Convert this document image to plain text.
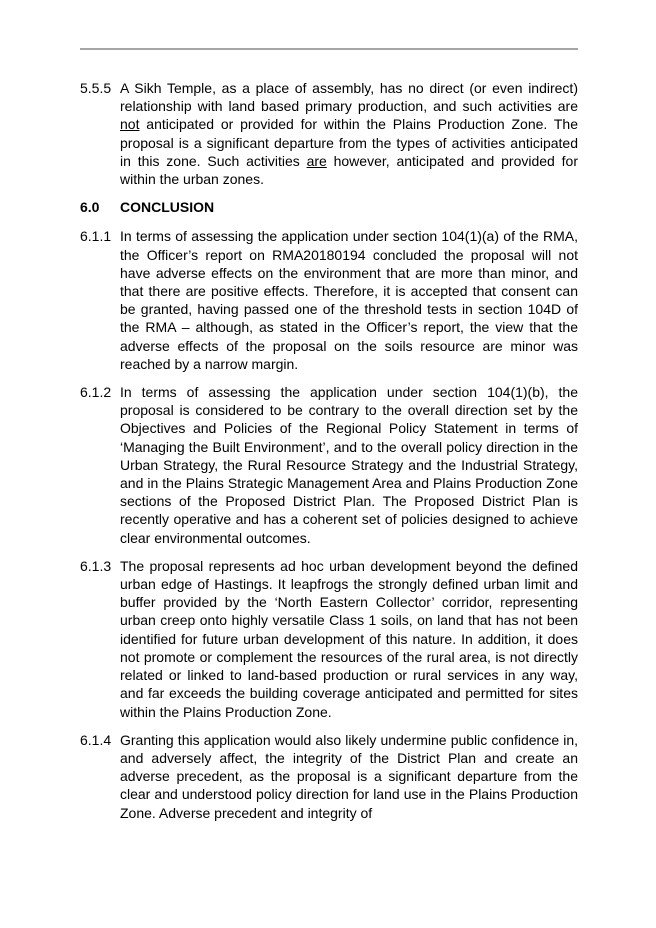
5.5.5 A Sikh Temple, as a place of assembly, has no direct (or even indirect) relationship with land based primary production, and such activities are not anticipated or provided for within the Plains Production Zone. The proposal is a significant departure from the types of activities anticipated in this zone. Such activities are however, anticipated and provided for within the urban zones.
6.0 CONCLUSION
6.1.1 In terms of assessing the application under section 104(1)(a) of the RMA, the Officer’s report on RMA20180194 concluded the proposal will not have adverse effects on the environment that are more than minor, and that there are positive effects. Therefore, it is accepted that consent can be granted, having passed one of the threshold tests in section 104D of the RMA – although, as stated in the Officer’s report, the view that the adverse effects of the proposal on the soils resource are minor was reached by a narrow margin.
6.1.2 In terms of assessing the application under section 104(1)(b), the proposal is considered to be contrary to the overall direction set by the Objectives and Policies of the Regional Policy Statement in terms of ‘Managing the Built Environment’, and to the overall policy direction in the Urban Strategy, the Rural Resource Strategy and the Industrial Strategy, and in the Plains Strategic Management Area and Plains Production Zone sections of the Proposed District Plan. The Proposed District Plan is recently operative and has a coherent set of policies designed to achieve clear environmental outcomes.
6.1.3 The proposal represents ad hoc urban development beyond the defined urban edge of Hastings. It leapfrogs the strongly defined urban limit and buffer provided by the ‘North Eastern Collector’ corridor, representing urban creep onto highly versatile Class 1 soils, on land that has not been identified for future urban development of this nature. In addition, it does not promote or complement the resources of the rural area, is not directly related or linked to land-based production or rural services in any way, and far exceeds the building coverage anticipated and permitted for sites within the Plains Production Zone.
6.1.4 Granting this application would also likely undermine public confidence in, and adversely affect, the integrity of the District Plan and create an adverse precedent, as the proposal is a significant departure from the clear and understood policy direction for land use in the Plains Production Zone. Adverse precedent and integrity of
